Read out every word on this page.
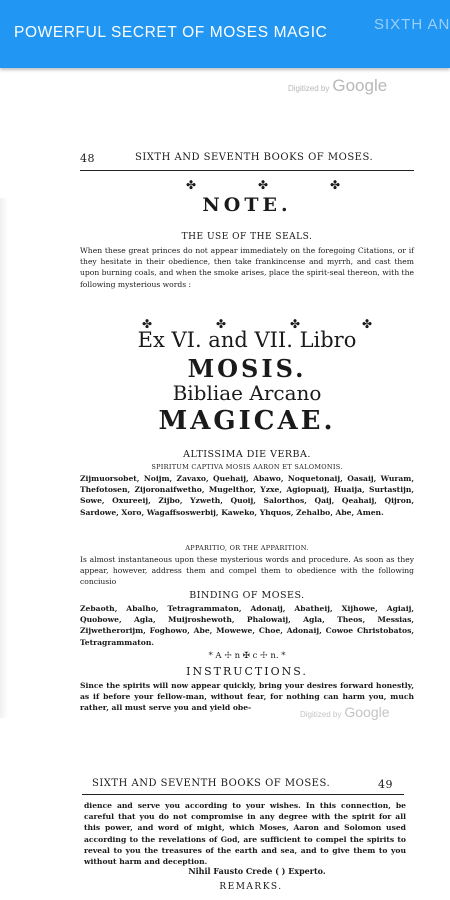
POWERFUL SECRET OF MOSES MAGIC	SIXTH AN
Digitized by Google
48	SIXTH AND SEVENTH BOOKS OF MOSES.
✤	✤	✤
NOTE.
THE USE OF THE SEALS.
When these great princes do not appear immediately on the foregoing Citations, or if they hesitate in their obedience, then take frankincense and myrrh, and cast them upon burning coals, and when the smoke arises, place the spirit-seal thereon, with the following mysterious words :
✤	✤	✤	✤
Ex VI. and VII. Libro
MOSIS.
Bibliae Arcano
MAGICAE.
ALTISSIMA DIE VERBA.
SPIRITUM CAPTIVA MOSIS AARON ET SALOMONIS.
Zijmuorsobet, Noijm, Zavaxo, Quehaij, Abawo, Noquetonaij, Oasaij, Wuram, Thefotosen, Zijoronaifwetho, Mugelthor, Yzxe, Agiopuaij, Huaija, Surtastijn, Sowe, Oxureeij, Zijbo, Yzweth, Quoij, Salorthos, Qaij, Qeahaij, Qijron, Sardowe, Xoro, Wagaffsoswerbij, Kaweko, Yhquos, Zehalbo, Abe, Amen.
APPARITIO, OR THE APPARITION.
Is almost instantaneous upon these mysterious words and procedure. As soon as they appear, however, address them and compel them to obedience with the following conciusio
BINDING OF MOSES.
Zebaoth, Abalho, Tetragrammaton, Adonaij, Abatheij, Xijhowe, Agiaij, Quobowe, Agla, Muijroshewoth, Phalowaij, Agla, Theos, Messias, Zijwetherorijm, Foghowo, Abe, Mowewe, Choe, Adonaij, Cowoe Christobatos, Tetragrammaton.
* A ☩ n ✠ c ☩ n. *
INSTRUCTIONS.
Since the spirits will now appear quickly, bring your desires forward honestly, as if before your fellow-man, without fear, for nothing can harm you, much rather, all must serve you and yield obe-
Digitized by Google
SIXTH AND SEVENTH BOOKS OF MOSES.	49
dience and serve you according to your wishes. In this connection, be careful that you do not compromise in any degree with the spirit for all this power, and word of might, which Moses, Aaron and Solomon used according to the revelations of God, are sufficient to compel the spirits to reveal to you the treasures of the earth and sea, and to give them to you without harm and deception.
Nihil Fausto Crede ( ) Experto.
REMARKS.
